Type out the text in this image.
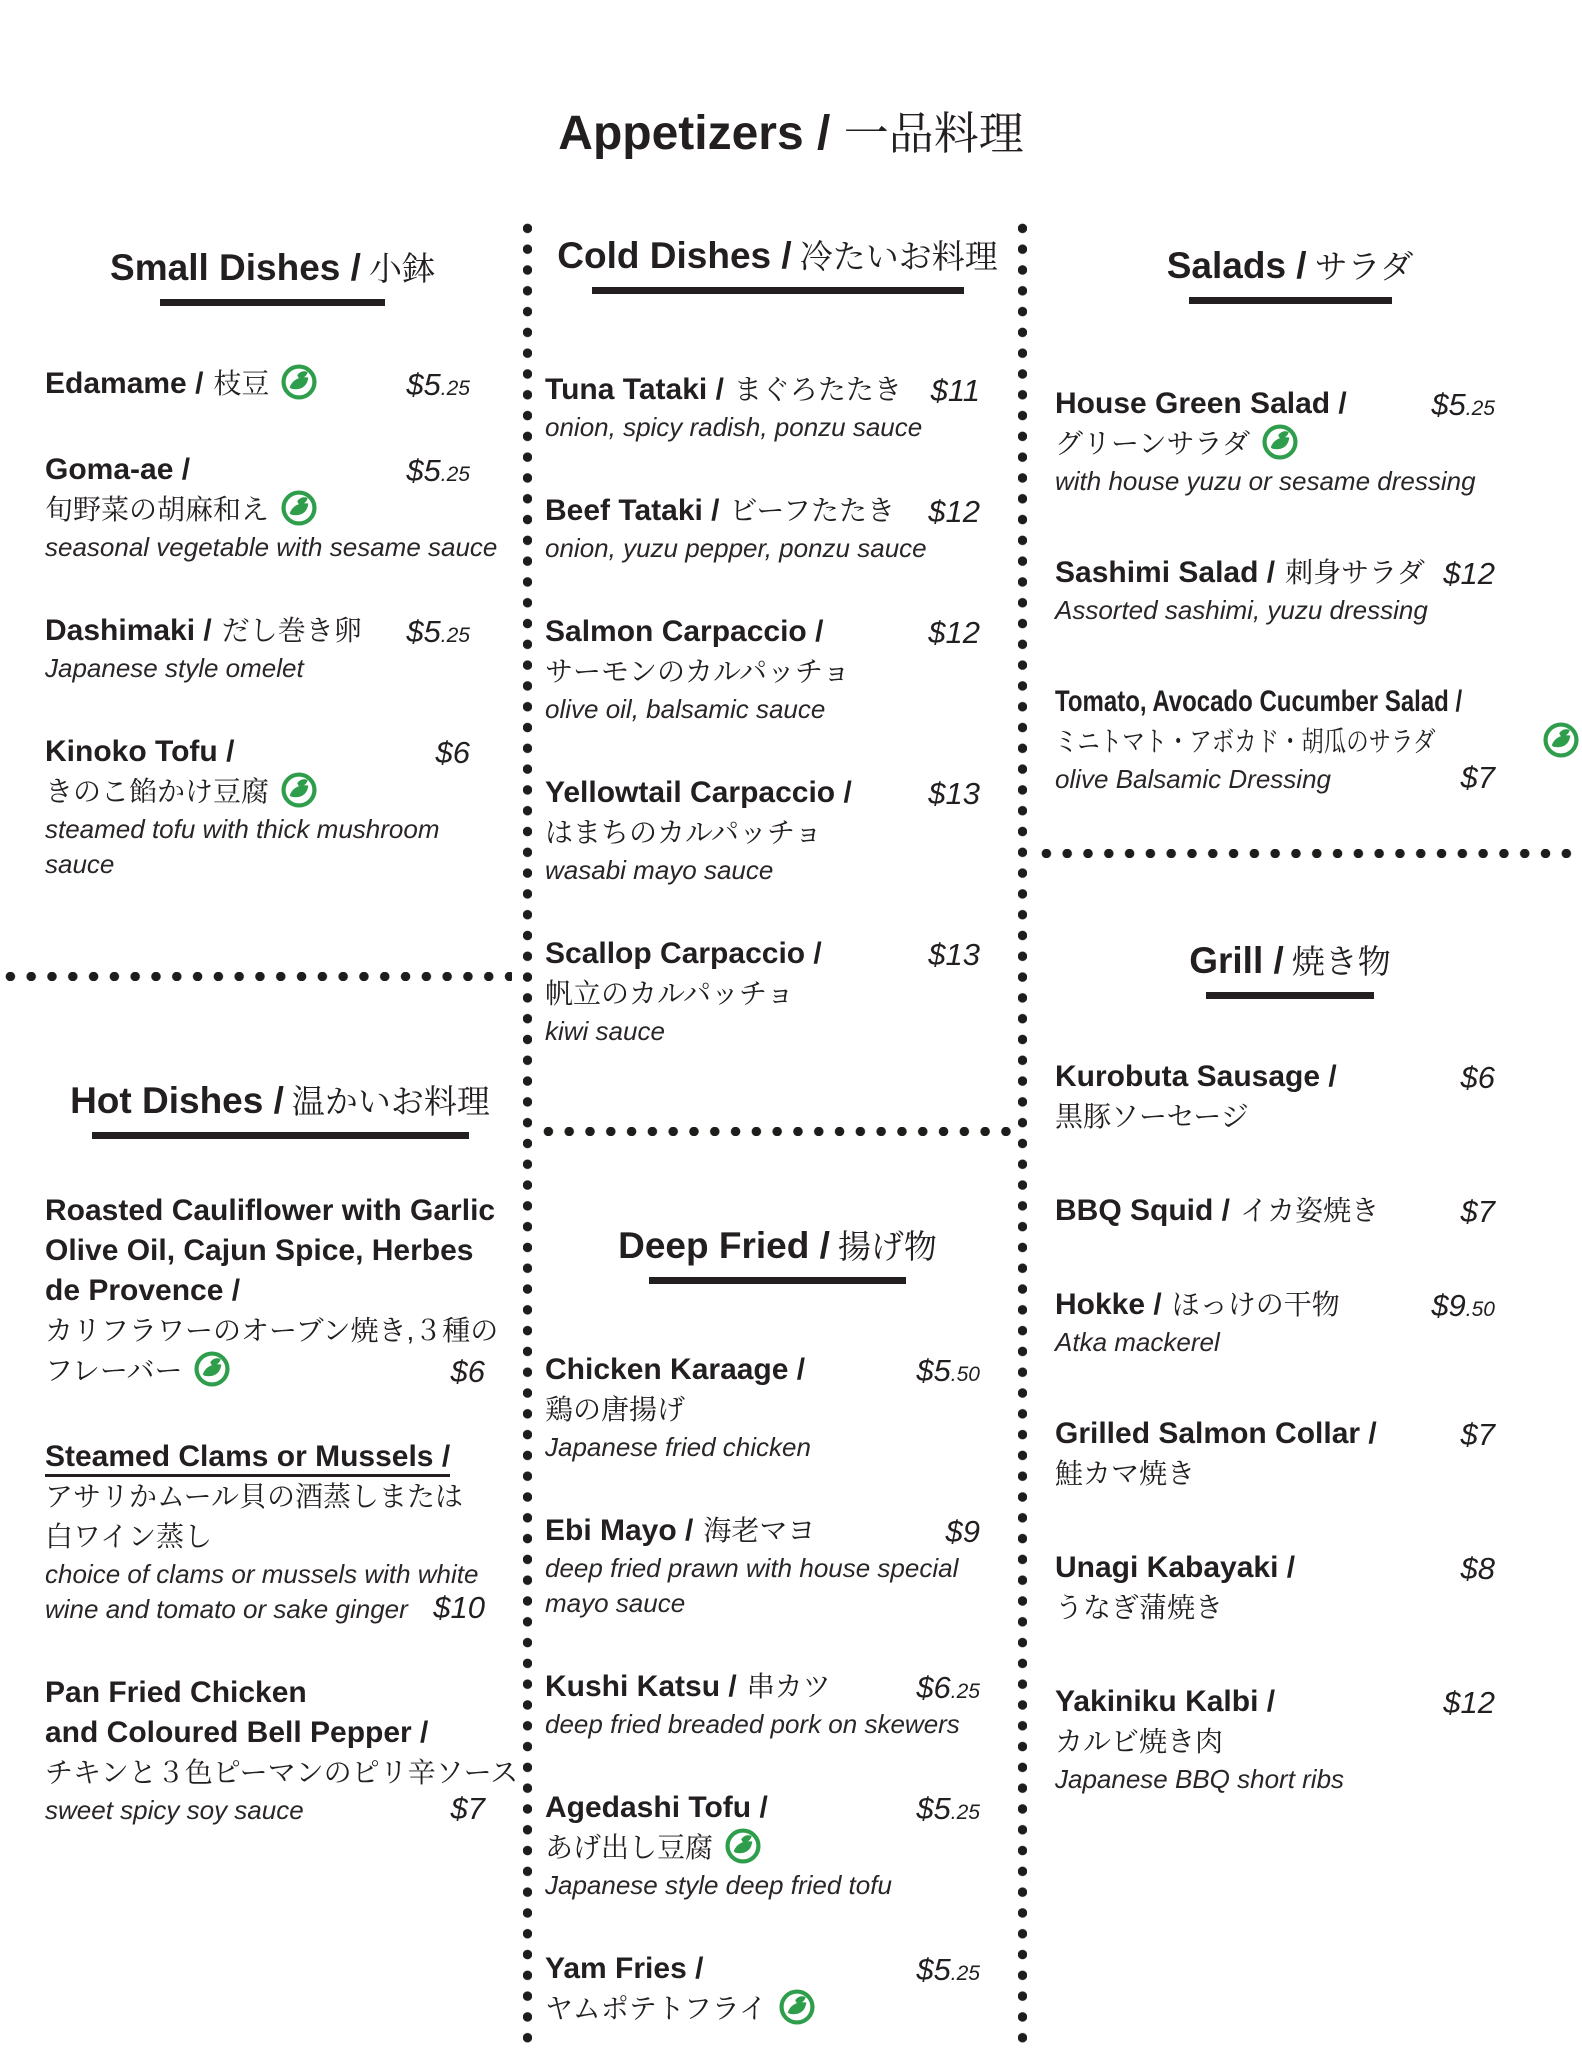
Appetizers / 一品料理
Small Dishes / 小鉢
Edamame / 枝豆	$5.25
Goma-ae /
旬野菜の胡麻和え
seasonal vegetable with sesame sauce
$5.25
Dashimaki / だし巻き卵
Japanese style omelet
$5.25
Kinoko Tofu /
きのこ餡かけ豆腐
steamed tofu with thick mushroom
sauce
$6
Hot Dishes / 温かいお料理
Roasted Cauliflower with Garlic
Olive Oil, Cajun Spice, Herbes
de Provence /
カリフラワーのオーブン焼き,３種の
フレーバー	$6
Steamed Clams or Mussels /
アサリかムール貝の酒蒸しまたは
白ワイン蒸し
choice of clams or mussels with white
wine and tomato or sake ginger $10
Pan Fried Chicken
and Coloured Bell Pepper /
チキンと３色ピーマンのピリ辛ソース
sweet spicy soy sauce	$7
Cold Dishes / 冷たいお料理
Tuna Tataki / まぐろたたき
onion, spicy radish, ponzu sauce
$11
Beef Tataki / ビーフたたき
onion, yuzu pepper, ponzu sauce
$12
Salmon Carpaccio /
サーモンのカルパッチョ
olive oil, balsamic sauce
$12
Yellowtail Carpaccio /
はまちのカルパッチョ
wasabi mayo sauce
$13
Scallop Carpaccio /
帆立のカルパッチョ
kiwi sauce
$13
Deep Fried / 揚げ物
Chicken Karaage /
鶏の唐揚げ
Japanese fried chicken
$5.50
Ebi Mayo / 海老マヨ
deep fried prawn with house special
mayo sauce
$9
Kushi Katsu / 串カツ
deep fried breaded pork on skewers
$6.25
Agedashi Tofu /
あげ出し豆腐
Japanese style deep fried tofu
$5.25
Yam Fries /
ヤムポテトフライ
$5.25
Salads / サラダ
House Green Salad /
グリーンサラダ
with house yuzu or sesame dressing
$5.25
Sashimi Salad / 刺身サラダ
Assorted sashimi, yuzu dressing
$12
Tomato, Avocado Cucumber Salad /
ミニトマト・アボカド・胡瓜のサラダ
olive Balsamic Dressing	$7
Grill / 焼き物
Kurobuta Sausage /
黒豚ソーセージ
$6
BBQ Squid / イカ姿焼き	$7
Hokke / ほっけの干物
Atka mackerel
$9.50
Grilled Salmon Collar /
鮭カマ焼き
$7
Unagi Kabayaki /
うなぎ蒲焼き
$8
Yakiniku Kalbi /
カルビ焼き肉
Japanese BBQ short ribs
$12
